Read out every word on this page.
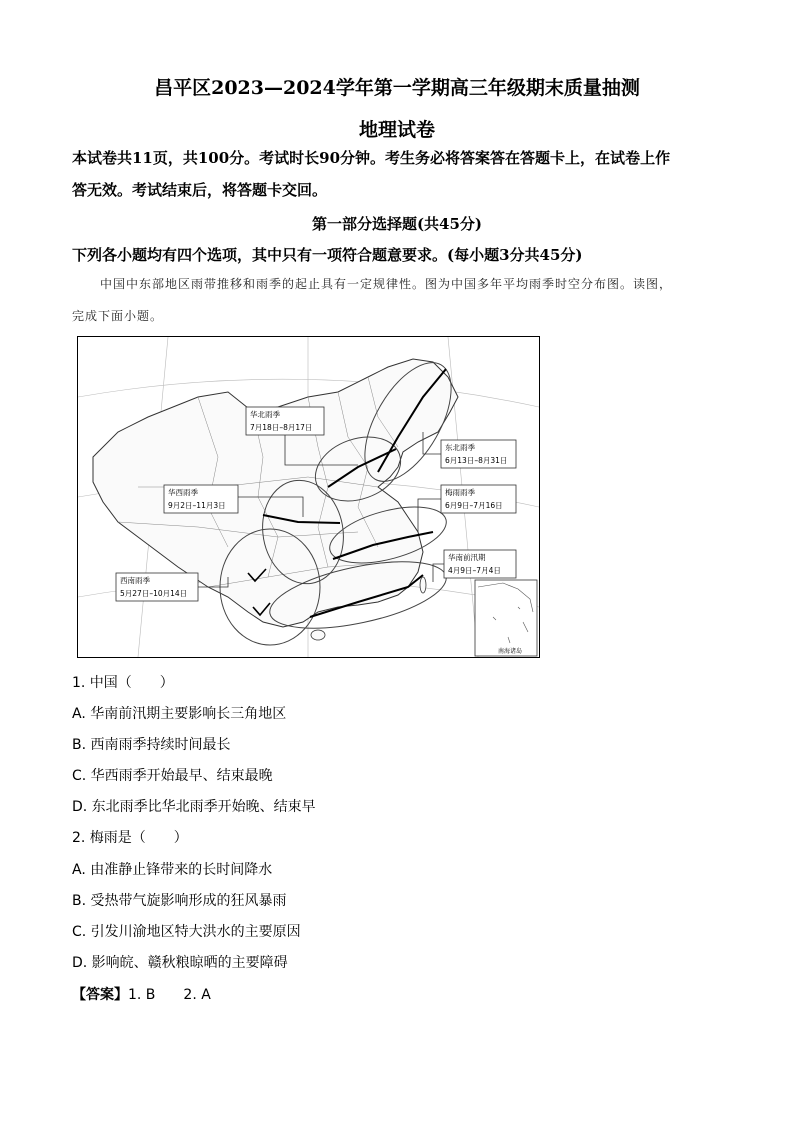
昌平区2023—2024学年第一学期高三年级期末质量抽测
地理试卷
本试卷共11页，共100分。考试时长90分钟。考生务必将答案答在答题卡上，在试卷上作
答无效。考试结束后，将答题卡交回。
第一部分选择题(共45分)
下列各小题均有四个选项，其中只有一项符合题意要求。(每小题3分共45分)
中国中东部地区雨带推移和雨季的起止具有一定规律性。图为中国多年平均雨季时空分布图。读图，
完成下面小题。
华北雨季
7月18日–8月17日
东北雨季
6月13日–8月31日
华西雨季
9月2日–11月3日
梅雨雨季
6月9日–7月16日
华南前汛期
4月9日–7月4日
西南雨季
5月27日–10月14日
南海诸岛
1. 中国（　　）
A. 华南前汛期主要影响长三角地区
B. 西南雨季持续时间最长
C. 华西雨季开始最早、结束最晚
D. 东北雨季比华北雨季开始晚、结束早
2. 梅雨是（　　）
A. 由准静止锋带来的长时间降水
B. 受热带气旋影响形成的狂风暴雨
C. 引发川渝地区特大洪水的主要原因
D. 影响皖、赣秋粮晾晒的主要障碍
【答案】1. B　　2. A
